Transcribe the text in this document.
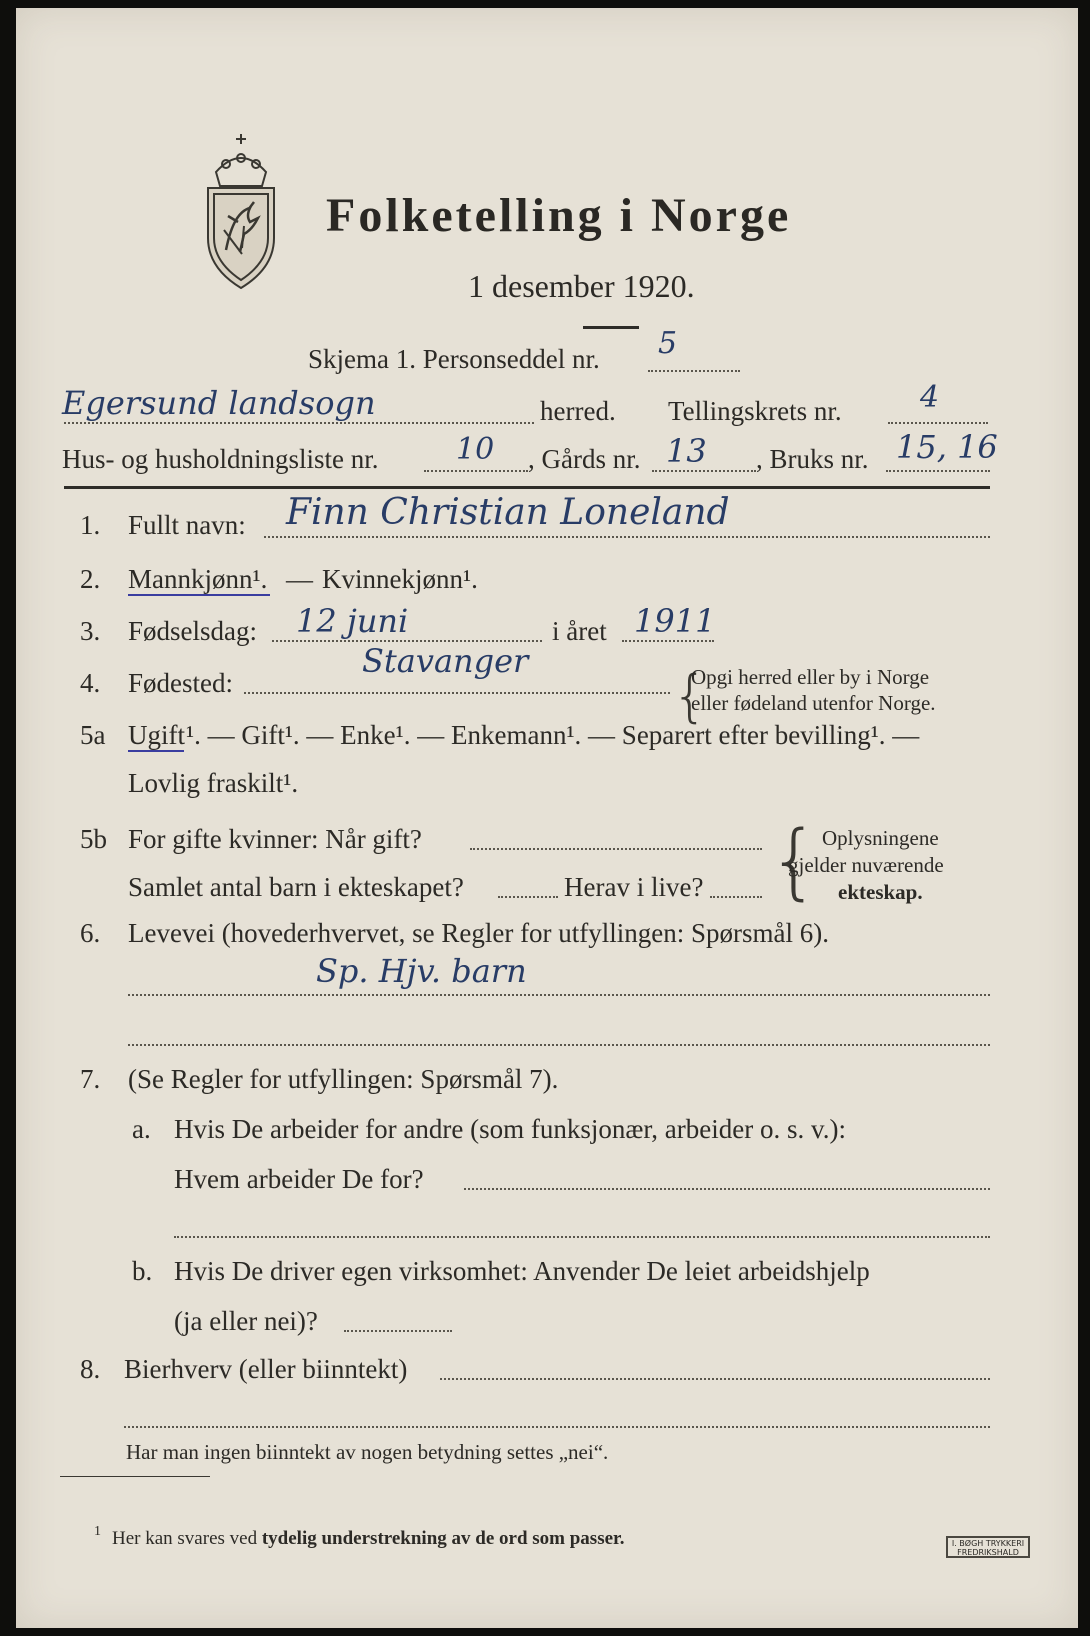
Folketelling i Norge
1 desember 1920.
Skjema 1. Personseddel nr. 5
Egersund landsogn	herred. Tellingskrets nr.	4
Hus- og husholdningsliste nr.	10 , Gårds nr. 13 , Bruks nr. 15, 16
1. Fullt navn: Finn Christian Loneland
2. Mannkjønn¹. — Kvinnekjønn¹.
3. Fødselsdag: 12 juni	i året 1911
4. Fødested:
Stavanger
{
Opgi herred eller by i Norge
eller fødeland utenfor Norge.
5a Ugift ¹. — Gift¹. — Enke¹. — Enkemann¹. — Separert efter bevilling¹. —
Lovlig fraskilt¹.
5b For gifte kvinner: Når gift?
Samlet antal barn i ekteskapet?	Herav i live? { Oplysningene
gjelder nuværende
ekteskap.
6. Levevei (hovederhvervet, se Regler for utfyllingen: Spørsmål 6).
Sp. Hjv. barn
7. (Se Regler for utfyllingen: Spørsmål 7).
a. Hvis De arbeider for andre (som funksjonær, arbeider o. s. v.):
Hvem arbeider De for?
b. Hvis De driver egen virksomhet: Anvender De leiet arbeidshjelp
(ja eller nei)?
8. Bierhverv (eller biinntekt)
Har man ingen biinntekt av nogen betydning settes „nei“.
1 Her kan svares ved tydelig understrekning av de ord som passer.	I. BØGH TRYKKERI
FREDRIKSHALD
